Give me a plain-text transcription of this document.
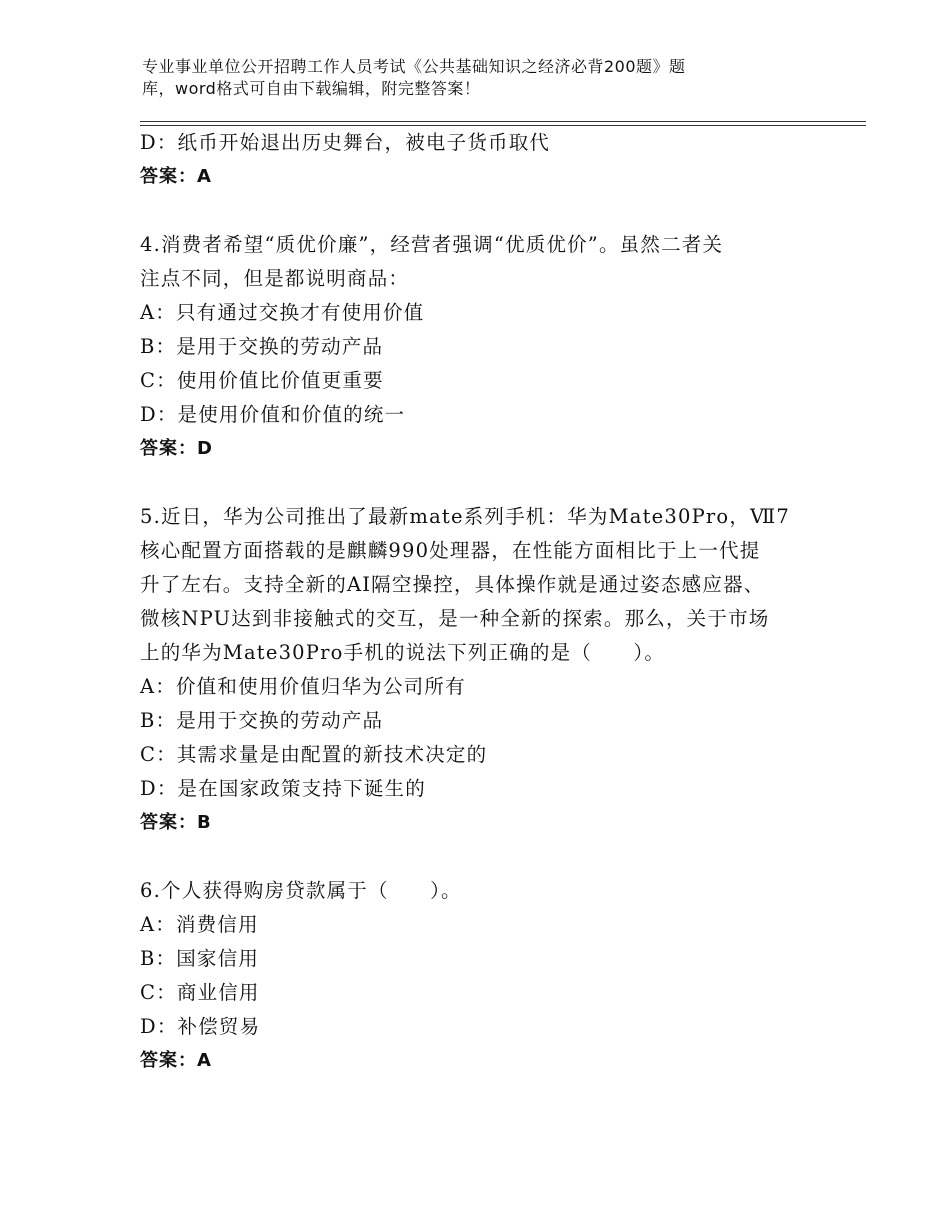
专业事业单位公开招聘工作人员考试《公共基础知识之经济必背200题》题
库，word格式可自由下载编辑，附完整答案！
D：纸币开始退出历史舞台，被电子货币取代
答案：A
4.消费者希望“质优价廉”，经营者强调“优质优价”。虽然二者关
注点不同，但是都说明商品：
A：只有通过交换才有使用价值
B：是用于交换的劳动产品
C：使用价值比价值更重要
D：是使用价值和价值的统一
答案：D
5.近日，华为公司推出了最新mate系列手机：华为Mate30Pro，Ⅶ7
核心配置方面搭载的是麒麟990处理器，在性能方面相比于上一代提
升了左右。支持全新的AI隔空操控，具体操作就是通过姿态感应器、
微核NPU达到非接触式的交互，是一种全新的探索。那么，关于市场
上的华为Mate30Pro手机的说法下列正确的是（　　）。
A：价值和使用价值归华为公司所有
B：是用于交换的劳动产品
C：其需求量是由配置的新技术决定的
D：是在国家政策支持下诞生的
答案：B
6.个人获得购房贷款属于（　　）。
A：消费信用
B：国家信用
C：商业信用
D：补偿贸易
答案：A
